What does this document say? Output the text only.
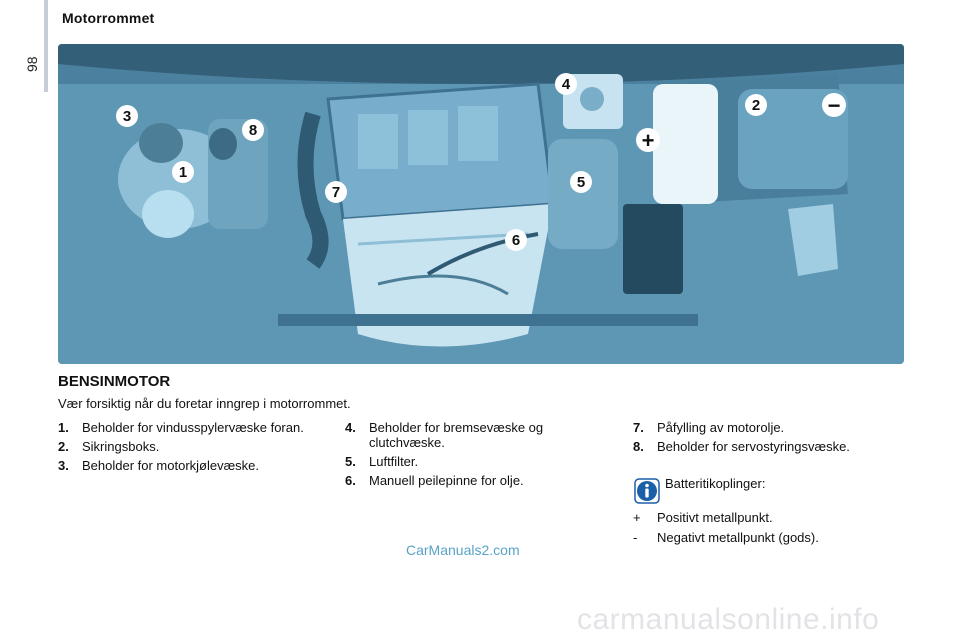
98
Motorrommet
1
2
3
4
5
6
7
8	+
−
BENSINMOTOR
Vær forsiktig når du foretar inngrep i motorrommet.
1.	Beholder for vindusspylervæske foran.
2.	Sikringsboks.
3.	Beholder for motorkjølevæske.
4.	Beholder for bremsevæske og clutchvæske.
5.	Luftfilter.
6.	Manuell peilepinne for olje.
7.	Påfylling av motorolje.
8.	Beholder for servostyringsvæske.
Batteritikoplinger:
+	Positivt metallpunkt.
-	Negativt metallpunkt (gods).
CarManuals2.com
carmanualsonline.info
